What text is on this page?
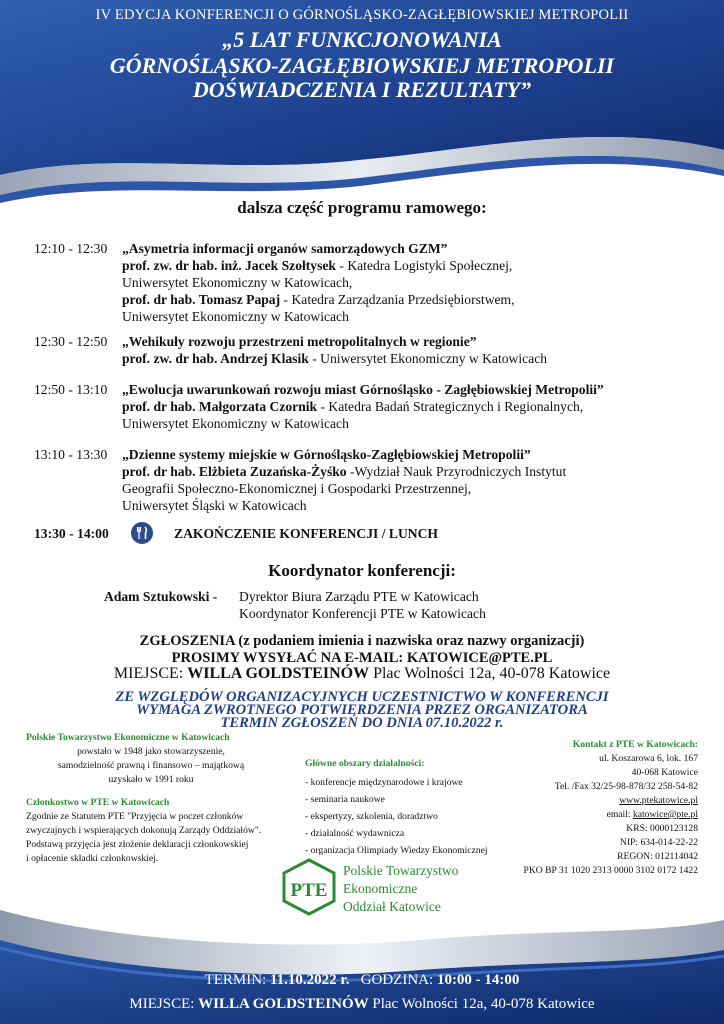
IV EDYCJA KONFERENCJI O GÓRNOŚLĄSKO-ZAGŁĘBIOWSKIEJ METROPOLII
„5 LAT FUNKCJONOWANIA
GÓRNOŚLĄSKO-ZAGŁĘBIOWSKIEJ METROPOLII
DOŚWIADCZENIA I REZULTATY”
dalsza część programu ramowego:
12:10 - 12:30	„Asymetria informacji organów samorządowych GZM”
prof. zw. dr hab. inż. Jacek Szołtysek - Katedra Logistyki Społecznej,
Uniwersytet Ekonomiczny w Katowicach,
prof. dr hab. Tomasz Papaj - Katedra Zarządzania Przedsiębiorstwem,
Uniwersytet Ekonomiczny w Katowicach
12:30 - 12:50	„Wehikuły rozwoju przestrzeni metropolitalnych w regionie”
prof. zw. dr hab. Andrzej Klasik - Uniwersytet Ekonomiczny w Katowicach
12:50 - 13:10	„Ewolucja uwarunkowań rozwoju miast Górnośląsko - Zagłębiowskiej Metropolii”
prof. dr hab. Małgorzata Czornik - Katedra Badań Strategicznych i Regionalnych,
Uniwersytet Ekonomiczny w Katowicach
13:10 - 13:30	„Dzienne systemy miejskie w Górnośląsko-Zagłębiowskiej Metropolii”
prof. dr hab. Elżbieta Zuzańska-Żyśko -Wydział Nauk Przyrodniczych Instytut
Geografii Społeczno-Ekonomicznej i Gospodarki Przestrzennej,
Uniwersytet Śląski w Katowicach
13:30 - 14:00	ZAKOŃCZENIE KONFERENCJI / LUNCH
Koordynator konferencji:
Adam Sztukowski - Dyrektor Biura Zarządu PTE w Katowicach
Koordynator Konferencji PTE w Katowicach
ZGŁOSZENIA (z podaniem imienia i nazwiska oraz nazwy organizacji)
PROSIMY WYSYŁAĆ NA E-MAIL: KATOWICE@PTE.PL
MIEJSCE: WILLA GOLDSTEINÓW Plac Wolności 12a, 40-078 Katowice
ZE WZGLĘDÓW ORGANIZACYJNYCH UCZESTNICTWO W KONFERENCJI
WYMAGA ZWROTNEGO POTWIERDZENIA PRZEZ ORGANIZATORA
TERMIN ZGŁOSZEŃ DO DNIA 07.10.2022 r.
Polskie Towarzystwo Ekonomiczne w Katowicach
powstało w 1948 jako stowarzyszenie,
samodzielność prawną i finansowo – majątkową
uzyskało w 1991 roku
Członkostwo w PTE w Katowicach
Zgodnie ze Statutem PTE "Przyjęcia w poczet członków
zwyczajnych i wspierających dokonują Zarządy Oddziałów".
Podstawą przyjęcia jest złożenie deklaracji członkowskiej
i opłacenie składki członkowskiej.
Główne obszary działalności:
- konferencje międzynarodowe i krajowe
- seminaria naukowe
- ekspertyzy, szkolenia, doradztwo
- działalność wydawnicza
- organizacja Olimpiady Wiedzy Ekonomicznej
Kontakt z PTE w Katowicach:
ul. Koszarowa 6, lok. 167
40-068 Katowice
Tel. /Fax 32/25-98-878/32 258-54-82
www.ptekatowice.pl
email: katowice@pte.pl
KRS: 0000123128
NIP: 634-014-22-22
REGON: 012114042
PKO BP 31 1020 2313 0000 3102 0172 1422
PTE
Polskie Towarzystwo
Ekonomiczne
Oddział Katowice
TERMIN: 11.10.2022 r. GODZINA: 10:00 - 14:00
MIEJSCE: WILLA GOLDSTEINÓW Plac Wolności 12a, 40-078 Katowice
